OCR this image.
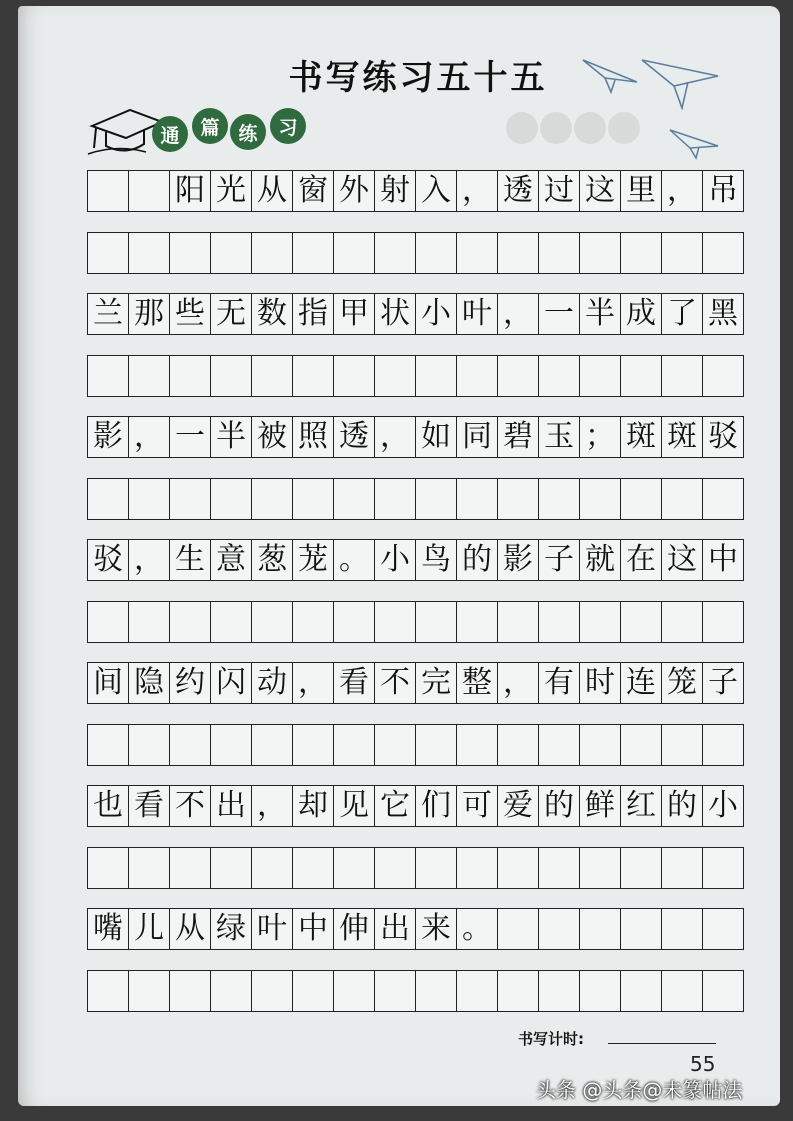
书写练习五十五
通	篇 练	习
阳 光 从 窗 外 射 入 ， 透 过 这 里 ， 吊
兰 那 些 无 数 指 甲 状 小 叶 ， 一 半 成 了 黑
影 ， 一 半 被 照 透 ， 如 同 碧 玉 ； 斑 斑 驳
驳 ， 生 意 葱 茏 。 小 鸟 的 影 子 就 在 这 中
间 隐 约 闪 动 ， 看 不 完 整 ， 有 时 连 笼 子
也 看 不 出 ， 却 见 它 们 可 爱 的 鲜 红 的 小
嘴 儿 从 绿 叶 中 伸 出 来 。
书写计时:
55
头条 @头条@未篆帖法
